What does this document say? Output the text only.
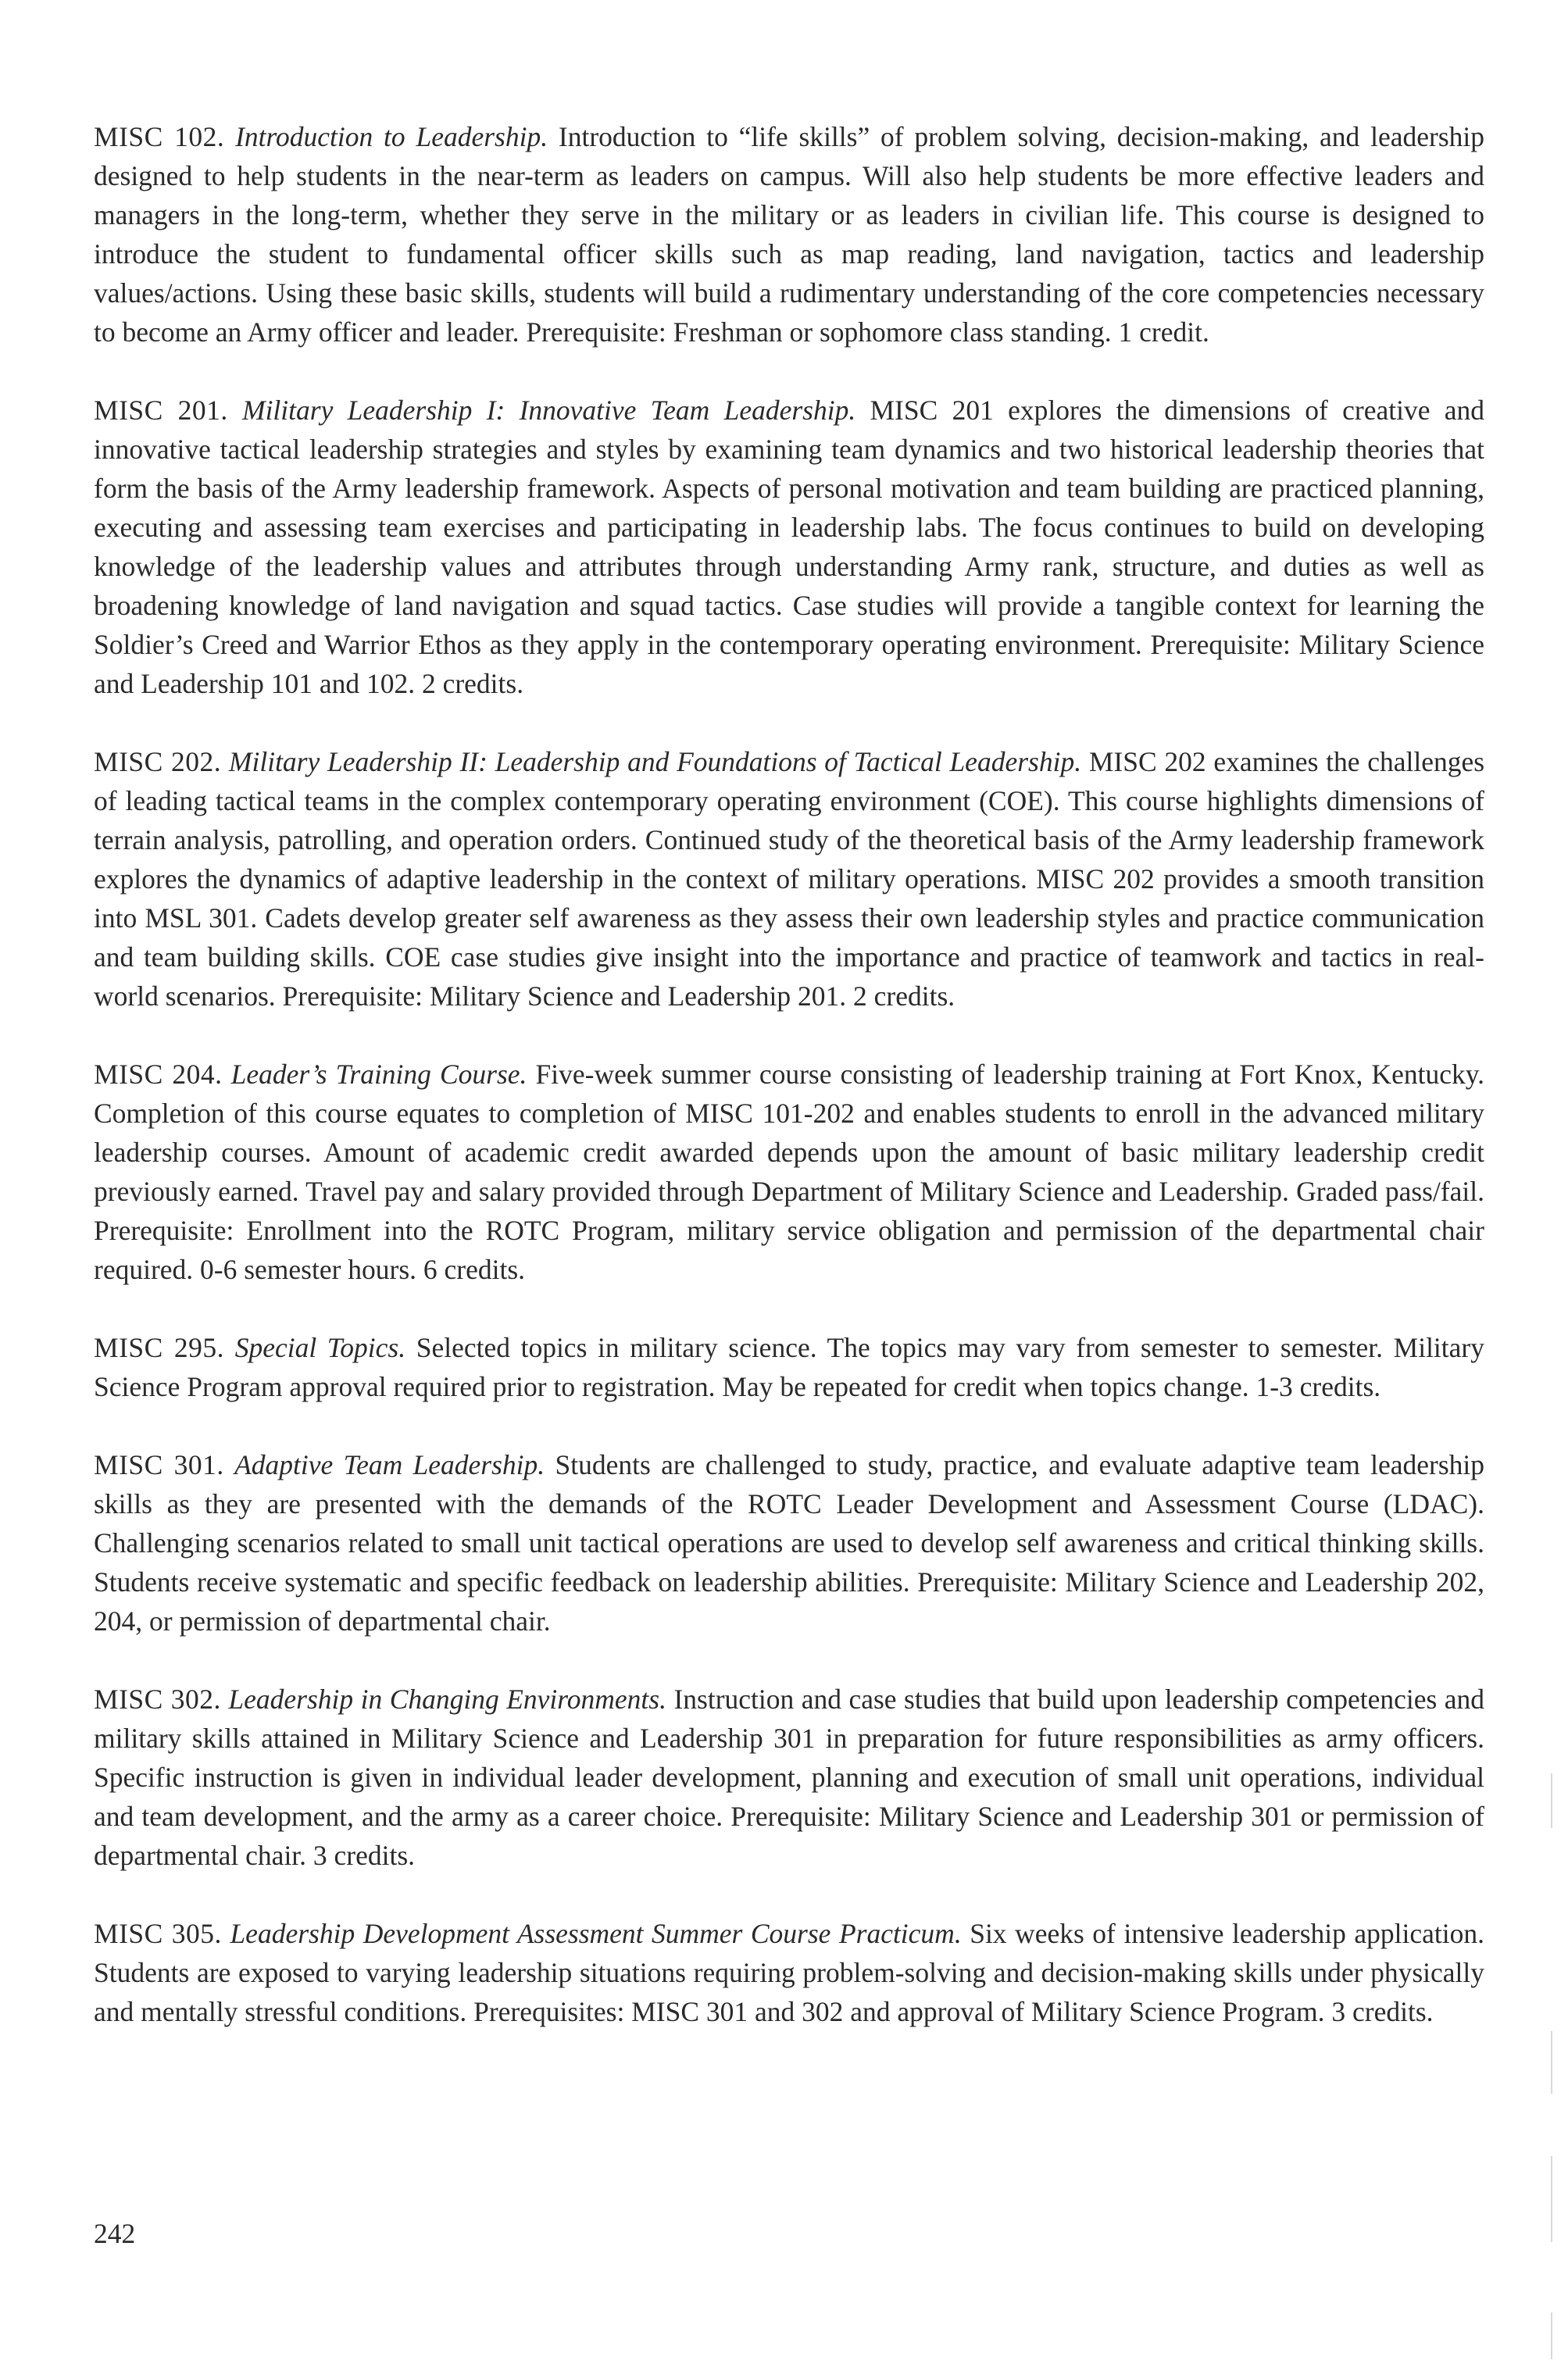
MISC 102. Introduction to Leadership. Introduction to “life skills” of problem solving, decision-making, and leadership designed to help students in the near-term as leaders on campus. Will also help students be more effective leaders and managers in the long-term, whether they serve in the military or as leaders in civilian life. This course is designed to introduce the student to fundamental officer skills such as map reading, land navigation, tactics and leadership values/actions. Using these basic skills, students will build a rudimentary understanding of the core competencies necessary to become an Army officer and leader. Prerequisite: Freshman or sophomore class standing. 1 credit.

MISC 201. Military Leadership I: Innovative Team Leadership. MISC 201 explores the dimensions of creative and innovative tactical leadership strategies and styles by examining team dynamics and two historical leadership theories that form the basis of the Army leadership framework. Aspects of personal motivation and team building are practiced planning, executing and assessing team exercises and participating in leadership labs. The focus continues to build on developing knowledge of the leadership values and attributes through understanding Army rank, structure, and duties as well as broadening knowledge of land navigation and squad tactics. Case studies will provide a tangible context for learning the Soldier’s Creed and Warrior Ethos as they apply in the contemporary operating environment. Prerequisite: Military Science and Leadership 101 and 102. 2 credits.

MISC 202. Military Leadership II: Leadership and Foundations of Tactical Leadership. MISC 202 examines the challenges of leading tactical teams in the complex contemporary operating environment (COE). This course highlights dimensions of terrain analysis, patrolling, and operation orders. Continued study of the theoretical basis of the Army leadership framework explores the dynamics of adaptive leadership in the context of military operations. MISC 202 provides a smooth transition into MSL 301. Cadets develop greater self awareness as they assess their own leadership styles and practice communication and team building skills. COE case studies give insight into the importance and practice of teamwork and tactics in real-world scenarios. Prerequisite: Military Science and Leadership 201. 2 credits.

MISC 204. Leader’s Training Course. Five-week summer course consisting of leadership training at Fort Knox, Kentucky. Completion of this course equates to completion of MISC 101-202 and enables students to enroll in the advanced military leadership courses. Amount of academic credit awarded depends upon the amount of basic military leadership credit previously earned. Travel pay and salary provided through Department of Military Science and Leadership. Graded pass/fail. Prerequisite: Enrollment into the ROTC Program, military service obligation and permission of the departmental chair required. 0-6 semester hours. 6 credits.

MISC 295. Special Topics. Selected topics in military science. The topics may vary from semester to semester. Military Science Program approval required prior to registration. May be repeated for credit when topics change. 1-3 credits.

MISC 301. Adaptive Team Leadership. Students are challenged to study, practice, and evaluate adaptive team leadership skills as they are presented with the demands of the ROTC Leader Development and Assessment Course (LDAC). Challenging scenarios related to small unit tactical operations are used to develop self awareness and critical thinking skills. Students receive systematic and specific feedback on leadership abilities. Prerequisite: Military Science and Leadership 202, 204, or permission of departmental chair.

MISC 302. Leadership in Changing Environments. Instruction and case studies that build upon leadership competencies and military skills attained in Military Science and Leadership 301 in preparation for future responsibilities as army officers. Specific instruction is given in individual leader development, planning and execution of small unit operations, individual and team development, and the army as a career choice. Prerequisite: Military Science and Leadership 301 or permission of departmental chair. 3 credits.

MISC 305. Leadership Development Assessment Summer Course Practicum. Six weeks of intensive leadership application. Students are exposed to varying leadership situations requiring problem-solving and decision-making skills under physically and mentally stressful conditions. Prerequisites: MISC 301 and 302 and approval of Military Science Program. 3 credits.

242
